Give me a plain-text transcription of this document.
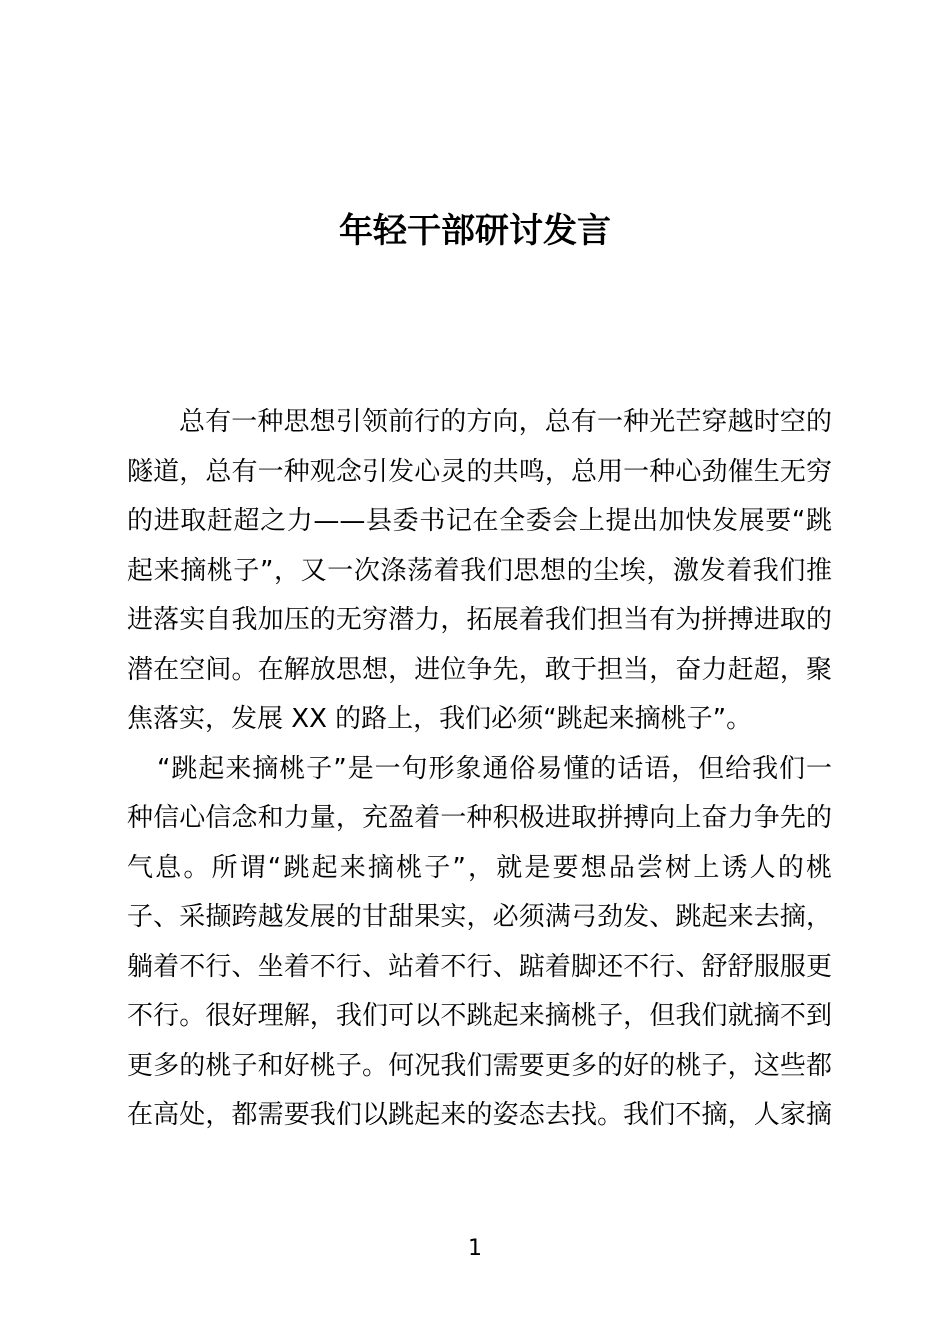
年轻干部研讨发言
总有一种思想引领前行的方向，总有一种光芒穿越时空的
隧道，总有一种观念引发心灵的共鸣，总用一种心劲催生无穷
的进取赶超之力——县委书记在全委会上提出加快发展要“跳
起来摘桃子”，又一次涤荡着我们思想的尘埃，激发着我们推
进落实自我加压的无穷潜力，拓展着我们担当有为拼搏进取的
潜在空间。在解放思想，进位争先，敢于担当，奋力赶超，聚
焦落实，发展 XX 的路上，我们必须“跳起来摘桃子”。
“跳起来摘桃子”是一句形象通俗易懂的话语，但给我们一
种信心信念和力量，充盈着一种积极进取拼搏向上奋力争先的
气息。所谓“跳起来摘桃子”，就是要想品尝树上诱人的桃
子、采撷跨越发展的甘甜果实，必须满弓劲发、跳起来去摘，
躺着不行、坐着不行、站着不行、踮着脚还不行、舒舒服服更
不行。很好理解，我们可以不跳起来摘桃子，但我们就摘不到
更多的桃子和好桃子。何况我们需要更多的好的桃子，这些都
在高处，都需要我们以跳起来的姿态去找。我们不摘，人家摘
1
